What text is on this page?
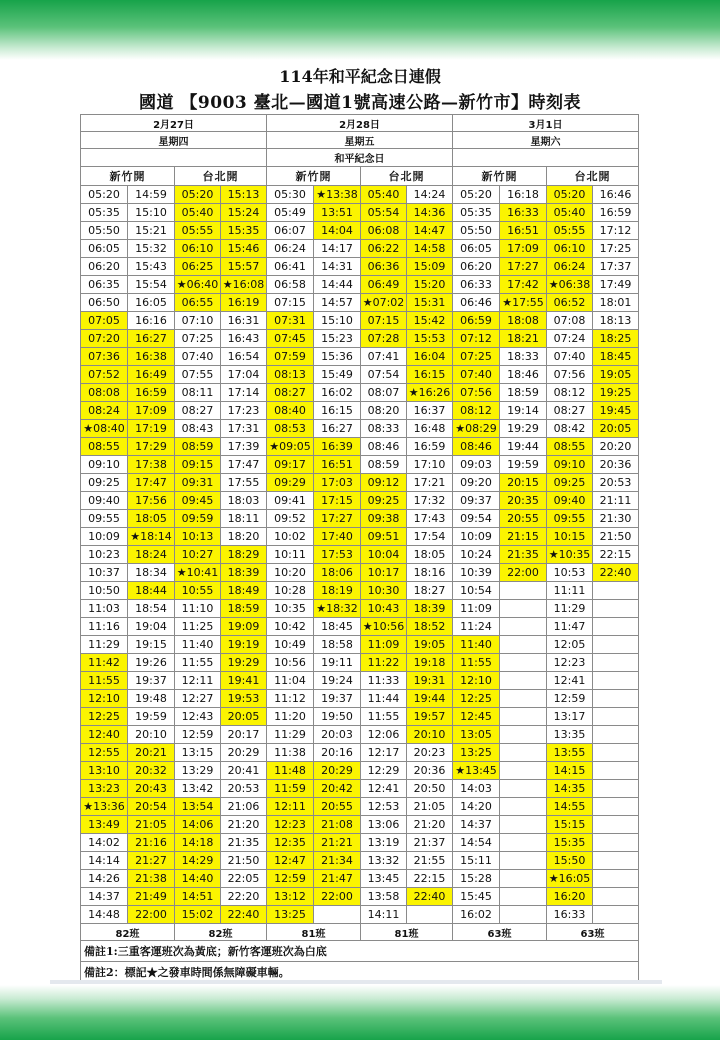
114年和平紀念日連假
國道 【9003 臺北—國道1號高速公路—新竹市】時刻表
2月27日				2月28日				3月1日			
星期四				星期五				星期六			
				和平紀念日							
新竹開		台北開		新竹開		台北開		新竹開		台北開	
05:20	14:59	05:20	15:13	05:30	★13:38	05:40	14:24	05:20	16:18	05:20	16:46
05:35	15:10	05:40	15:24	05:49	13:51	05:54	14:36	05:35	16:33	05:40	16:59
05:50	15:21	05:55	15:35	06:07	14:04	06:08	14:47	05:50	16:51	05:55	17:12
06:05	15:32	06:10	15:46	06:24	14:17	06:22	14:58	06:05	17:09	06:10	17:25
06:20	15:43	06:25	15:57	06:41	14:31	06:36	15:09	06:20	17:27	06:24	17:37
06:35	15:54	★06:40	★16:08	06:58	14:44	06:49	15:20	06:33	17:42	★06:38	17:49
06:50	16:05	06:55	16:19	07:15	14:57	★07:02	15:31	06:46	★17:55	06:52	18:01
07:05	16:16	07:10	16:31	07:31	15:10	07:15	15:42	06:59	18:08	07:08	18:13
07:20	16:27	07:25	16:43	07:45	15:23	07:28	15:53	07:12	18:21	07:24	18:25
07:36	16:38	07:40	16:54	07:59	15:36	07:41	16:04	07:25	18:33	07:40	18:45
07:52	16:49	07:55	17:04	08:13	15:49	07:54	16:15	07:40	18:46	07:56	19:05
08:08	16:59	08:11	17:14	08:27	16:02	08:07	★16:26	07:56	18:59	08:12	19:25
08:24	17:09	08:27	17:23	08:40	16:15	08:20	16:37	08:12	19:14	08:27	19:45
★08:40	17:19	08:43	17:31	08:53	16:27	08:33	16:48	★08:29	19:29	08:42	20:05
08:55	17:29	08:59	17:39	★09:05	16:39	08:46	16:59	08:46	19:44	08:55	20:20
09:10	17:38	09:15	17:47	09:17	16:51	08:59	17:10	09:03	19:59	09:10	20:36
09:25	17:47	09:31	17:55	09:29	17:03	09:12	17:21	09:20	20:15	09:25	20:53
09:40	17:56	09:45	18:03	09:41	17:15	09:25	17:32	09:37	20:35	09:40	21:11
09:55	18:05	09:59	18:11	09:52	17:27	09:38	17:43	09:54	20:55	09:55	21:30
10:09	★18:14	10:13	18:20	10:02	17:40	09:51	17:54	10:09	21:15	10:15	21:50
10:23	18:24	10:27	18:29	10:11	17:53	10:04	18:05	10:24	21:35	★10:35	22:15
10:37	18:34	★10:41	18:39	10:20	18:06	10:17	18:16	10:39	22:00	10:53	22:40
10:50	18:44	10:55	18:49	10:28	18:19	10:30	18:27	10:54		11:11	
11:03	18:54	11:10	18:59	10:35	★18:32	10:43	18:39	11:09		11:29	
11:16	19:04	11:25	19:09	10:42	18:45	★10:56	18:52	11:24		11:47	
11:29	19:15	11:40	19:19	10:49	18:58	11:09	19:05	11:40		12:05	
11:42	19:26	11:55	19:29	10:56	19:11	11:22	19:18	11:55		12:23	
11:55	19:37	12:11	19:41	11:04	19:24	11:33	19:31	12:10		12:41	
12:10	19:48	12:27	19:53	11:12	19:37	11:44	19:44	12:25		12:59	
12:25	19:59	12:43	20:05	11:20	19:50	11:55	19:57	12:45		13:17	
12:40	20:10	12:59	20:17	11:29	20:03	12:06	20:10	13:05		13:35	
12:55	20:21	13:15	20:29	11:38	20:16	12:17	20:23	13:25		13:55	
13:10	20:32	13:29	20:41	11:48	20:29	12:29	20:36	★13:45		14:15	
13:23	20:43	13:42	20:53	11:59	20:42	12:41	20:50	14:03		14:35	
★13:36	20:54	13:54	21:06	12:11	20:55	12:53	21:05	14:20		14:55	
13:49	21:05	14:06	21:20	12:23	21:08	13:06	21:20	14:37		15:15	
14:02	21:16	14:18	21:35	12:35	21:21	13:19	21:37	14:54		15:35	
14:14	21:27	14:29	21:50	12:47	21:34	13:32	21:55	15:11		15:50	
14:26	21:38	14:40	22:05	12:59	21:47	13:45	22:15	15:28		★16:05	
14:37	21:49	14:51	22:20	13:12	22:00	13:58	22:40	15:45		16:20	
14:48	22:00	15:02	22:40	13:25		14:11		16:02		16:33	
82班		82班		81班		81班		63班		63班	
備註1:三重客運班次為黃底；新竹客運班次為白底											
備註2：標記★之發車時間係無障礙車輛。											
